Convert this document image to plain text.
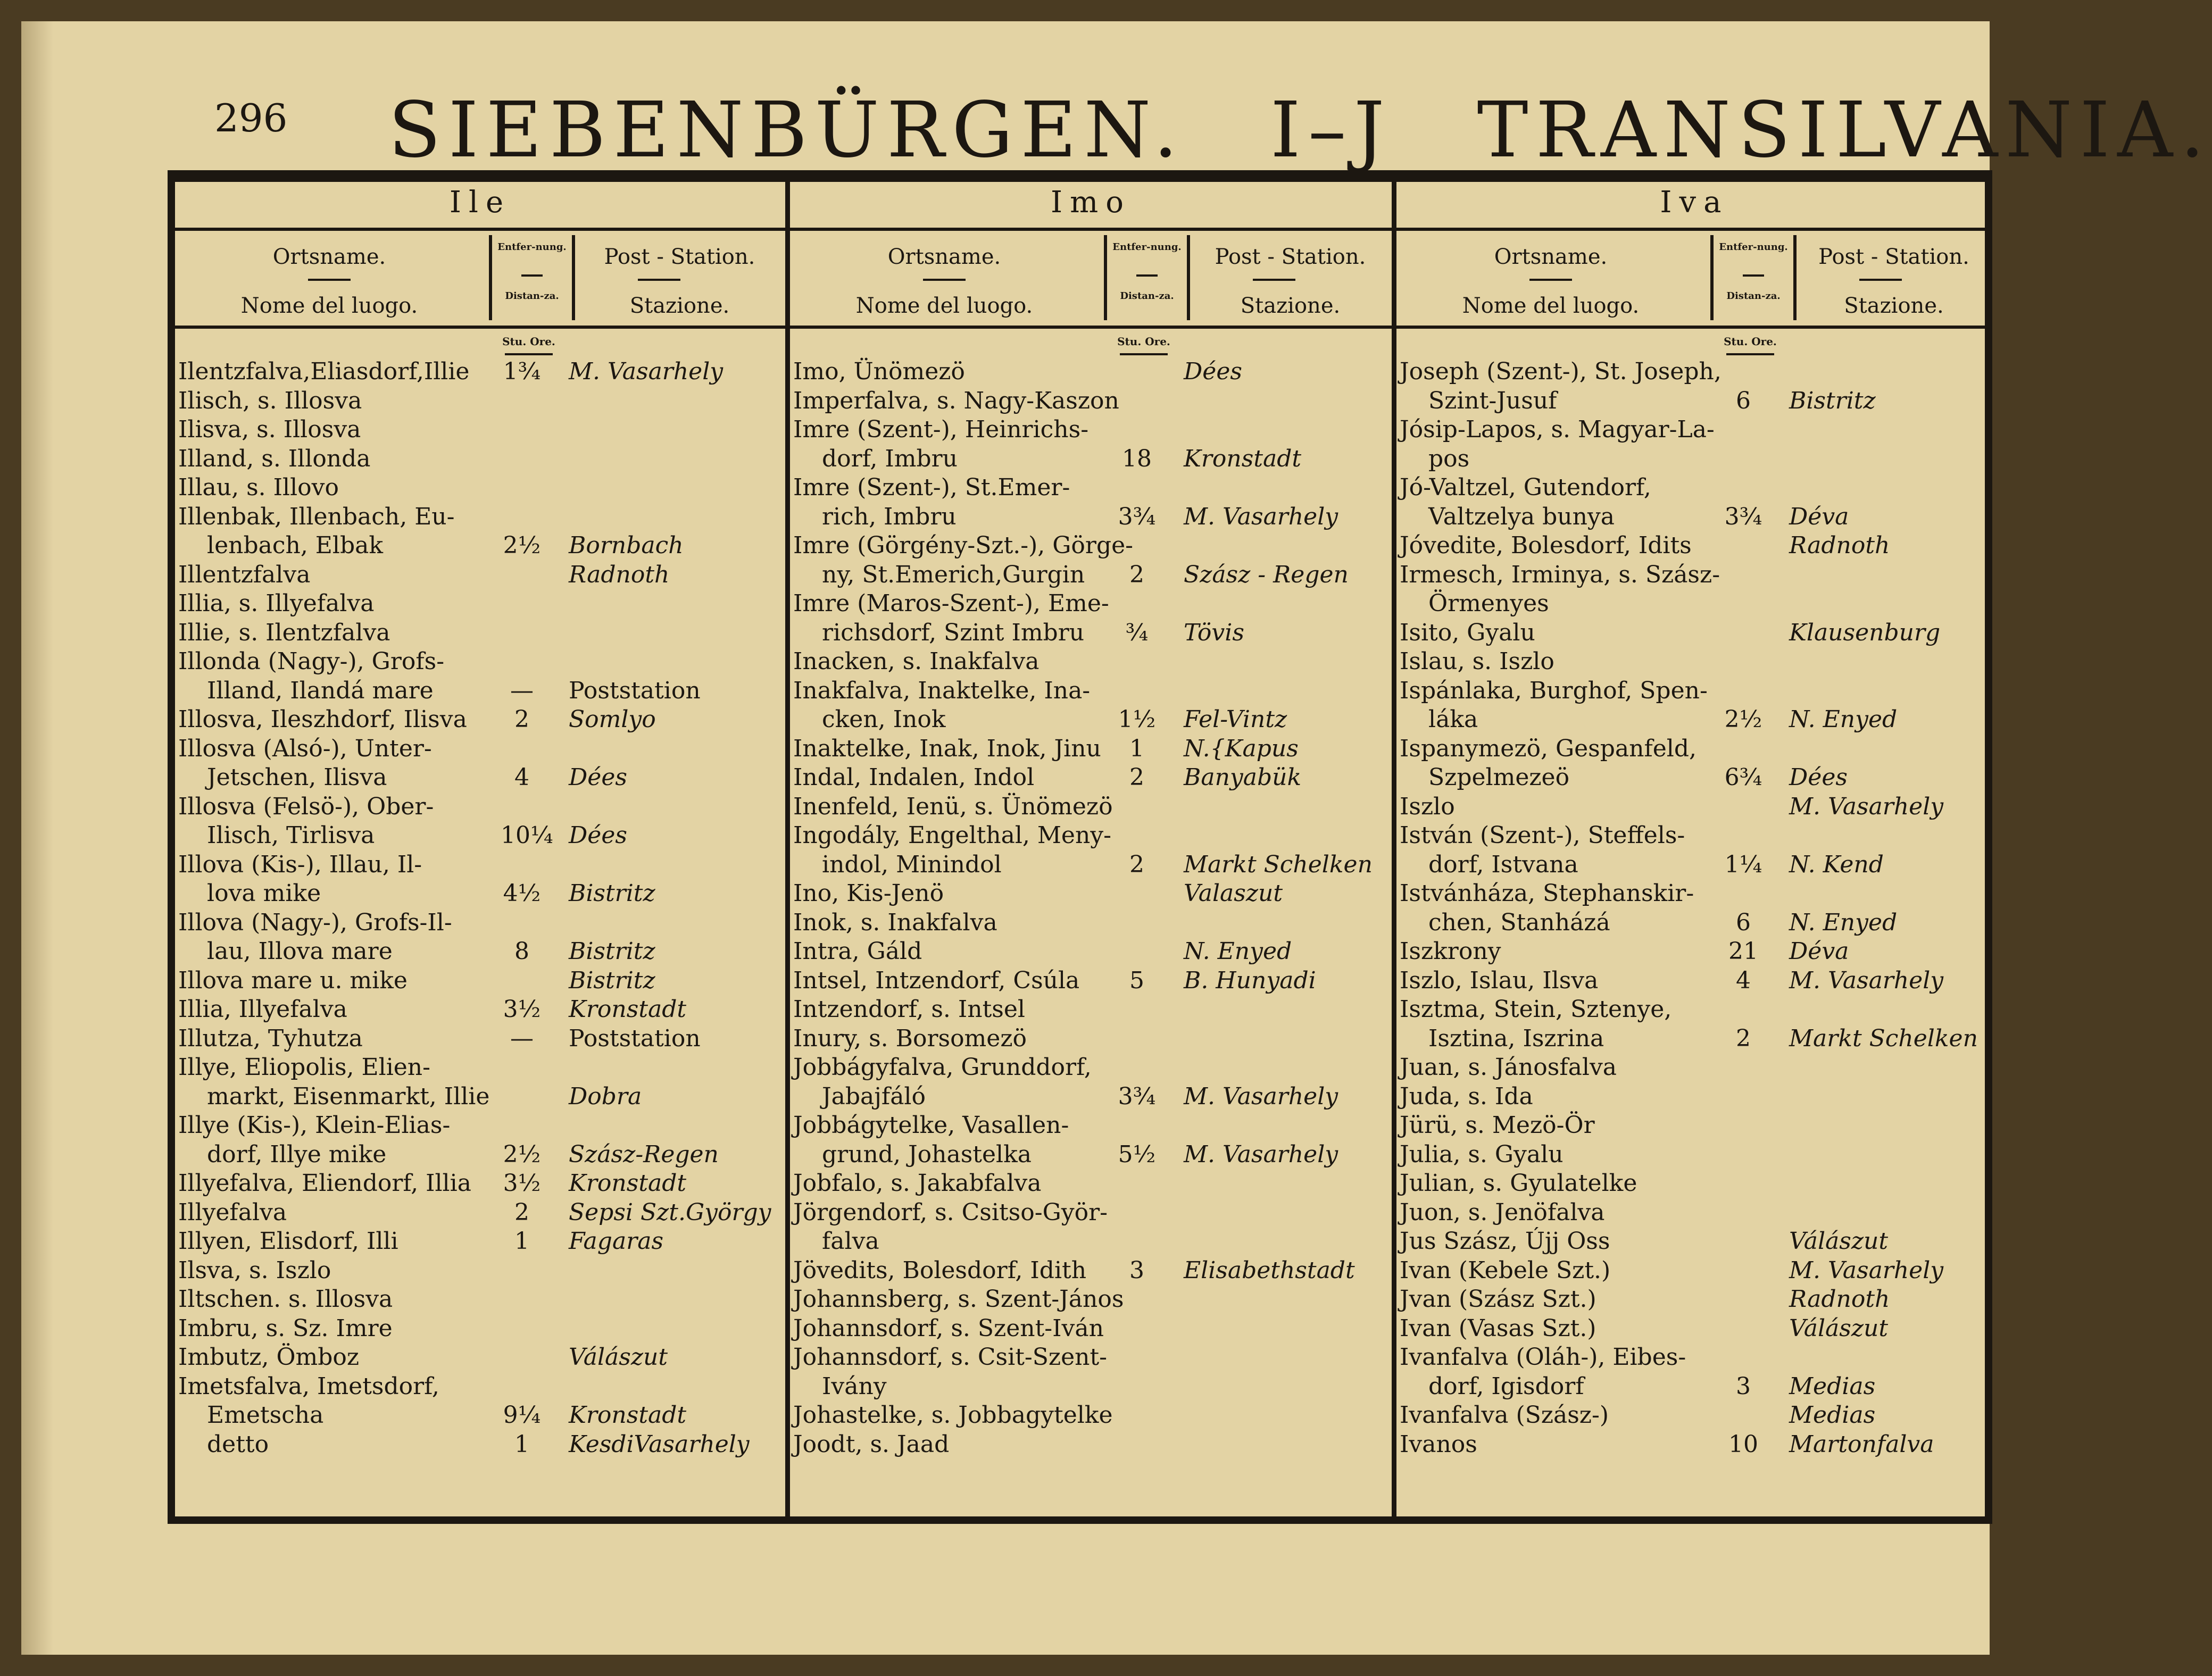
296 SIEBENBÜRGEN. I–J TRANSILVANIA.
Ile
Ortsname.
Nome del luogo.
Entfer-nung.
Distan-za.
Post - Station.
Stazione.
Stu. Ore.
Ilentzfalva,Eliasdorf,Illie 1¾ M. Vasarhely
Ilisch, s. Illosva
Ilisva, s. Illosva
Illand, s. Illonda
Illau, s. Illovo
Illenbak, Illenbach, Eu-
lenbach, Elbak	2½ Bornbach
Illentzfalva	Radnoth
Illia, s. Illyefalva
Illie, s. Ilentzfalva
Illonda (Nagy-), Grofs-
Illand, Ilandá mare	—	Poststation
Illosva, Ileszhdorf, Ilisva	2	Somlyo
Illosva (Alsó-), Unter-
Jetschen, Ilisva	4	Dées
Illosva (Felsö-), Ober-
Ilisch, Tirlisva	10¼ Dées
Illova (Kis-), Illau, Il-
lova mike	4½ Bistritz
Illova (Nagy-), Grofs-Il-
lau, Illova mare	8	Bistritz
Illova mare u. mike	Bistritz
Illia, Illyefalva	3½ Kronstadt
Illutza, Tyhutza	—	Poststation
Illye, Eliopolis, Elien-
markt, Eisenmarkt, Illie	Dobra
Illye (Kis-), Klein-Elias-
dorf, Illye mike	2½ Szász-Regen
Illyefalva, Eliendorf, Illia 3½ Kronstadt
Illyefalva	2	Sepsi Szt.György
Illyen, Elisdorf, Illi	1	Fagaras
Ilsva, s. Iszlo
Iltschen. s. Illosva
Imbru, s. Sz. Imre
Imbutz, Ömboz	Válászut
Imetsfalva, Imetsdorf,
Emetscha	9¼ Kronstadt
detto	1	KesdiVasarhely
Imo
Ortsname.
Nome del luogo.
Entfer-nung.
Distan-za.
Post - Station.
Stazione.
Stu. Ore.
Imo, Ünömezö	Dées
Imperfalva, s. Nagy-Kaszon
Imre (Szent-), Heinrichs-
dorf, Imbru	18 Kronstadt
Imre (Szent-), St.Emer-
rich, Imbru	3¾ M. Vasarhely
Imre (Görgény-Szt.-), Görge-
ny, St.Emerich,Gurgin	2	Szász - Regen
Imre (Maros-Szent-), Eme-
richsdorf, Szint Imbru	¾	Tövis
Inacken, s. Inakfalva
Inakfalva, Inaktelke, Ina-
cken, Inok	1½ Fel-Vintz
Inaktelke, Inak, Inok, Jinu	1	N.{Kapus
Indal, Indalen, Indol	2	Banyabük
Inenfeld, Ienü, s. Ünömezö
Ingodály, Engelthal, Meny-
indol, Minindol	2	Markt Schelken
Ino, Kis-Jenö	Valaszut
Inok, s. Inakfalva
Intra, Gáld	N. Enyed
Intsel, Intzendorf, Csúla	5	B. Hunyadi
Intzendorf, s. Intsel
Inury, s. Borsomezö
Jobbágyfalva, Grunddorf,
Jabajfáló	3¾ M. Vasarhely
Jobbágytelke, Vasallen-
grund, Johastelka	5½ M. Vasarhely
Jobfalo, s. Jakabfalva
Jörgendorf, s. Csitso-Györ-
falva
Jövedits, Bolesdorf, Idith	3	Elisabethstadt
Johannsberg, s. Szent-János
Johannsdorf, s. Szent-Iván
Johannsdorf, s. Csit-Szent-
Ivány
Johastelke, s. Jobbagytelke
Joodt, s. Jaad
Iva
Ortsname.
Nome del luogo.
Entfer-nung.
Distan-za.
Post - Station.
Stazione.
Stu. Ore.
Joseph (Szent-), St. Joseph,
Szint-Jusuf	6	Bistritz
Jósip-Lapos, s. Magyar-La-
pos
Jó-Valtzel, Gutendorf,
Valtzelya bunya	3¾ Déva
Jóvedite, Bolesdorf, Idits	Radnoth
Irmesch, Irminya, s. Szász-
Örmenyes
Isito, Gyalu	Klausenburg
Islau, s. Iszlo
Ispánlaka, Burghof, Spen-
láka	2½ N. Enyed
Ispanymezö, Gespanfeld,
Szpelmezeö	6¾ Dées
Iszlo	M. Vasarhely
István (Szent-), Steffels-
dorf, Istvana	1¼ N. Kend
Istvánháza, Stephanskir-
chen, Stanházá	6	N. Enyed
Iszkrony	21 Déva
Iszlo, Islau, Ilsva	4	M. Vasarhely
Isztma, Stein, Sztenye,
Isztina, Iszrina	2	Markt Schelken
Juan, s. Jánosfalva
Juda, s. Ida
Jürü, s. Mezö-Ör
Julia, s. Gyalu
Julian, s. Gyulatelke
Juon, s. Jenöfalva
Jus Szász, Újj Oss	Válászut
Ivan (Kebele Szt.)	M. Vasarhely
Jvan (Szász Szt.)	Radnoth
Ivan (Vasas Szt.)	Válászut
Ivanfalva (Oláh-), Eibes-
dorf, Igisdorf	3	Medias
Ivanfalva (Szász-)	Medias
Ivanos	10 Martonfalva
